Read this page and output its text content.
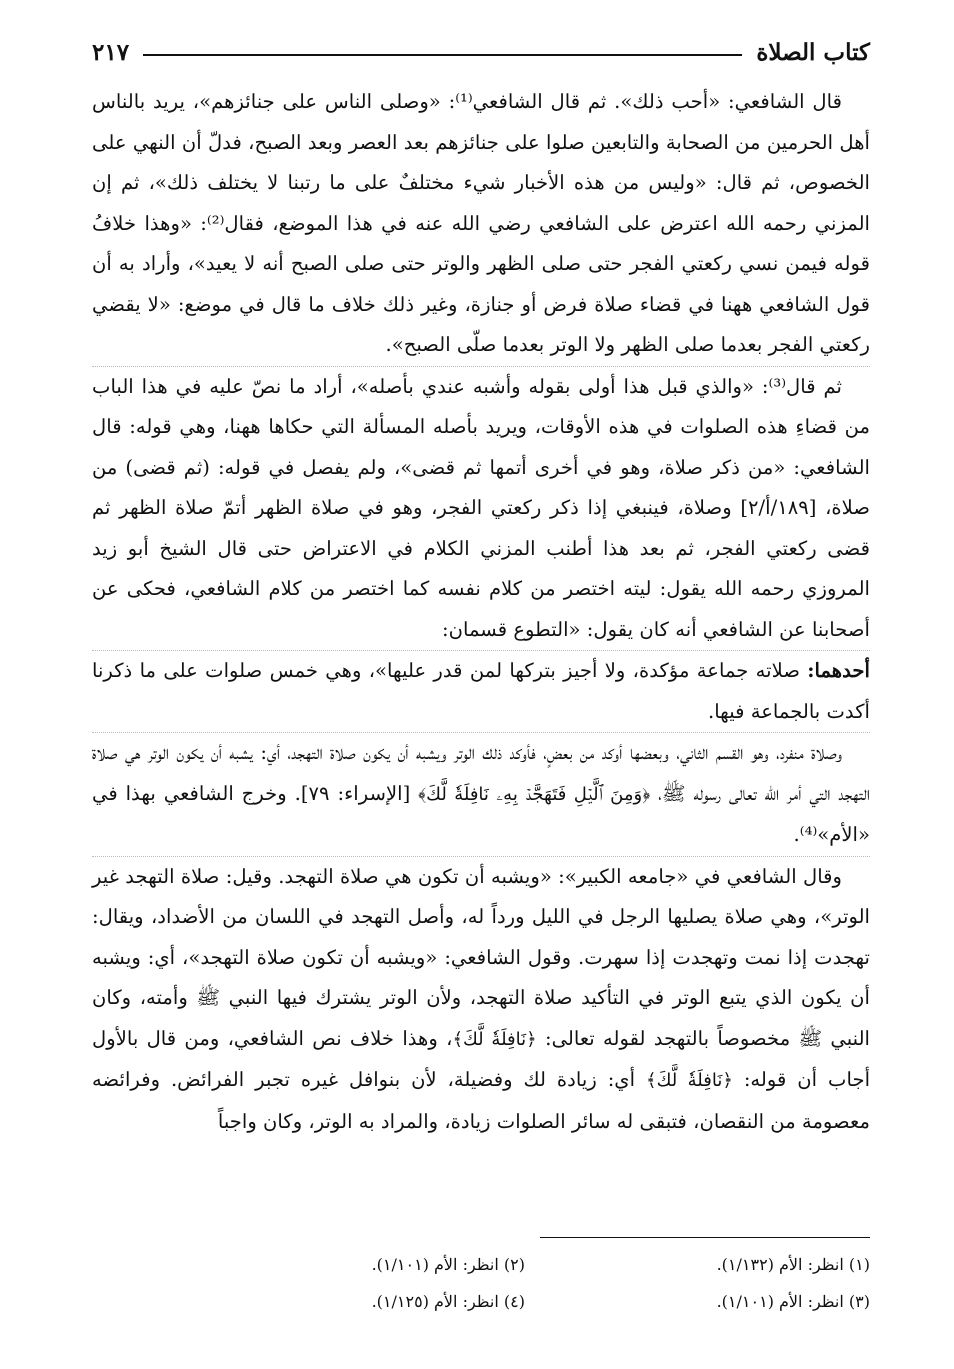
كتاب الصلاة
٢١٧

قال الشافعي: «أحب ذلك». ثم قال الشافعي⁽¹⁾: «وصلى الناس على جنائزهم»، يريد بالناس أهل الحرمين من الصحابة والتابعين صلوا على جنائزهم بعد العصر وبعد الصبح، فدلّ أن النهي على الخصوص، ثم قال: «وليس من هذه الأخبار شيء مختلفٌ على ما رتبنا لا يختلف ذلك»، ثم إن المزني رحمه الله اعترض على الشافعي رضي الله عنه في هذا الموضع، فقال⁽²⁾: «وهذا خلافُ قوله فيمن نسي ركعتي الفجر حتى صلى الظهر والوتر حتى صلى الصبح أنه لا يعيد»، وأراد به أن قول الشافعي ههنا في قضاء صلاة فرض أو جنازة، وغير ذلك خلاف ما قال في موضع: «لا يقضي ركعتي الفجر بعدما صلى الظهر ولا الوتر بعدما صلّى الصبح».

ثم قال⁽³⁾: «والذي قبل هذا أولى بقوله وأشبه عندي بأصله»، أراد ما نصّ عليه في هذا الباب من قضاءِ هذه الصلوات في هذه الأوقات، ويريد بأصله المسألة التي حكاها ههنا، وهي قوله: قال الشافعي: «من ذكر صلاة، وهو في أخرى أتمها ثم قضى»، ولم يفصل في قوله: (ثم قضى) من صلاة، [١٨٩/أ/٢] وصلاة، فينبغي إذا ذكر ركعتي الفجر، وهو في صلاة الظهر أتمّ صلاة الظهر ثم قضى ركعتي الفجر، ثم بعد هذا أطنب المزني الكلام في الاعتراض حتى قال الشيخ أبو زيد المروزي رحمه الله يقول: ليته اختصر من كلام نفسه كما اختصر من كلام الشافعي، فحكى عن أصحابنا عن الشافعي أنه كان يقول: «التطوع قسمان:

أحدهما: صلاته جماعة مؤكدة، ولا أجيز بتركها لمن قدر عليها»، وهي خمس صلوات على ما ذكرنا أكدت بالجماعة فيها.

وصلاة منفرد، وهو القسم الثاني، وبعضها أوكد من بعضٍ، فأوكد ذلك الوتر ويشبه أن يكون صلاة التهجد، أي: يشبه أن يكون الوتر هي صلاة التهجد التي أمر الله تعالى رسوله ﷺ، ﴿وَمِنَ ٱلَّيۡلِ فَتَهَجَّدۡ بِهِۦ نَافِلَةٗ لَّكَ﴾ [الإسراء: ٧٩]. وخرج الشافعي بهذا في «الأم»⁽⁴⁾.

وقال الشافعي في «جامعه الكبير»: «ويشبه أن تكون هي صلاة التهجد. وقيل: صلاة التهجد غير الوتر»، وهي صلاة يصليها الرجل في الليل ورداً له، وأصل التهجد في اللسان من الأضداد، ويقال: تهجدت إذا نمت وتهجدت إذا سهرت. وقول الشافعي: «ويشبه أن تكون صلاة التهجد»، أي: ويشبه أن يكون الذي يتبع الوتر في التأكيد صلاة التهجد، ولأن الوتر يشترك فيها النبي ﷺ وأمته، وكان النبي ﷺ مخصوصاً بالتهجد لقوله تعالى: ﴿نَافِلَةٗ لَّكَ﴾، وهذا خلاف نص الشافعي، ومن قال بالأول أجاب أن قوله: ﴿نَافِلَةٗ لَّكَ﴾ أي: زيادة لك وفضيلة، لأن بنوافل غيره تجبر الفرائض. وفرائضه معصومة من النقصان، فتبقى له سائر الصلوات زيادة، والمراد به الوتر، وكان واجباً

(١) انظر: الأم (١/١٣٢).
(٢) انظر: الأم (١/١٠١).
(٣) انظر: الأم (١/١٠١).
(٤) انظر: الأم (١/١٢٥).
